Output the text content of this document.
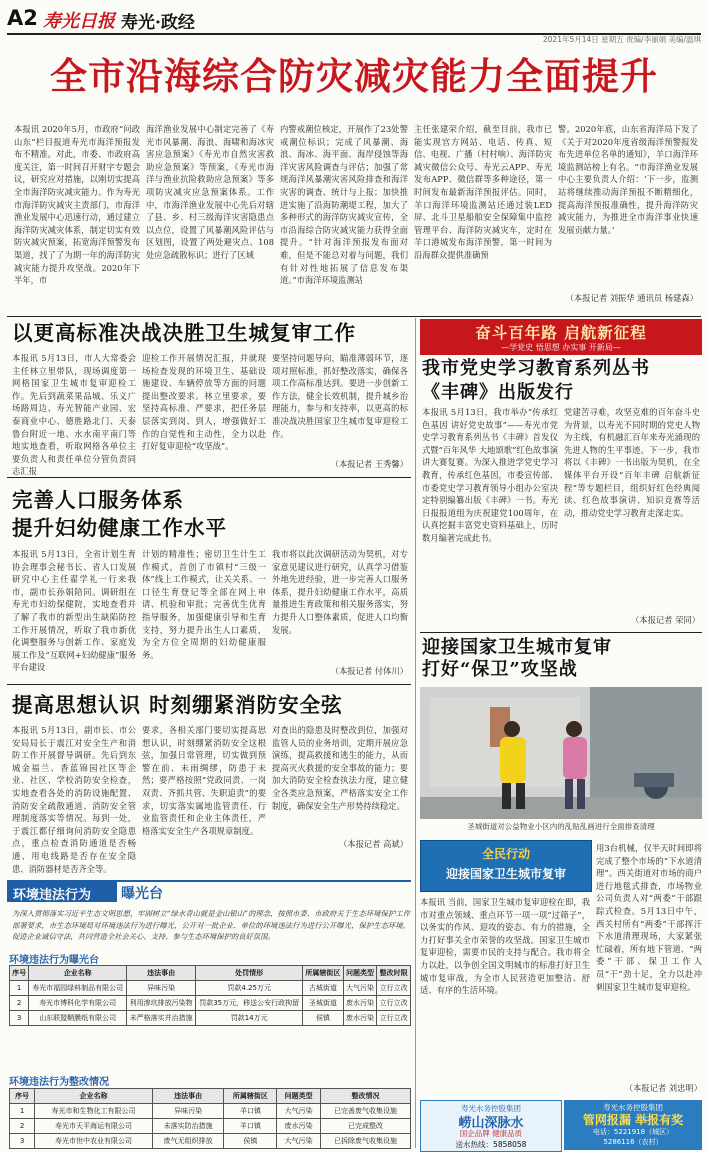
A2 寿光日报 寿光·政经
2021年5月14日 星期五 责编/李丽娟 美编/温琪
全市沿海综合防灾减灾能力全面提升
本报讯 2020年5月，市政府“问政山东”栏目报道寿光市海洋预报发布不精准。对此，市委、市政府高度关注，第一时间召开财字专题会议，研究应对措施，以刚切实提高全市海洋防灾减灾能力。作为寿光市海洋防灾减灾主责部门，市海洋渔业发展中心迅速行动，通过建立海洋防灾减灾体系，制定切实有效防灾减灾预案，拓宽海洋预警发布渠道，找了了为期一年的海洋防灾减灾能力提升攻坚战。2020年下半年，市
海洋渔业发展中心制定完善了《寿光市风暴潮、海浪、海啸和海冰灾害应急预案》《寿光市自然灾害救助应急预案》等预案，《寿光市海洋与渔业抗险救助应急预案》等多项防灾减灾应急预案体系。工作中，市海洋渔业发展中心先后对辖了县、乡、村三级海洋灾害隐患点以点位，设置了风暴潮风险评估与区划图，设置了两处避灾点、108处应急疏散标识；进行了区域
内警戒潮位核定，开展作了23处警戒潮位标识；完成了风暴潮、海浪、海冰、海平面、海岸侵蚀等海洋灾害风险调查与评估；加强了常规海洋风暴潮灾害风险排查和海洋灾害的调查、统计与上报；加快推进实施了沿海防潮堤工程，加大了多种形式的海洋防灾减灾宣传，全市沿海综合防灾减灾能力获得全面提升。“针对海洋预报发布面对难，但是不能总对着与问题，我们有针对性地拓展了信息发布渠道。”市海洋环境监测站
主任张建荣介绍，截至目前，我市已能实现官方网站、电话、传真、短信、电视、广播（村村响）、海洋防灾减灾微信公众号、寿光云APP、寿光发布APP、微信群等多种途径，第一时间发布最新海洋预报评估。同时，羊口海洋环境监测站还通过装LED屏、北斗卫星船舶安全保障集中监控管理平台、海洋防灾减灾车，定时在羊口港城发布海洋预警，第一时间为沿海群众提供准确预
警。2020年底，山东省海洋局下发了《关于对2020年度省级海洋预警报发布先进单位名单的通知》，羊口海洋环境监测站榜上有名。“市海洋渔业发展中心主要负责人介绍：‘下一步，监测站将继续推动海洋预报不断精细化，提高海洋预报准确性，提升海洋防灾减灾能力，为推进全市海洋事业快速发展贡献力量。’
（本报记者 刘振华 通讯员 杨建森）
以更高标准决战决胜卫生城复审工作
本报讯 5月13日，市人大常委会主任林立里带队，现场调度第一网格国家卫生城市复审迎检工作。先后到蔬菜果品城、乐义广场路周边、寿光智能产业园、宏泰商业中心、德胜路北门、天泰鲁台附近一地、水水南平南门等地实地查看，听取网格各单位主要负责人和责任单位分管负责同志汇报
迎检工作开展情况汇报，并就现场检查发现的环境卫生、基础设施建设、车辆停放等方面的问题提出整改要求。林立里要求，要坚持高标准、严要求，把任务层层落实到岗、到人，增强做好工作的自觉性和主动性，全力以赴打好复审迎检“攻坚战”。
要坚持问题导向，瞄准薄弱环节，逐项对照标准，抓好整改落实，确保各项工作高标准达到。要进一步创新工作方法，健全长效机制，提升城乡治理能力，参与和支持率，以更高的标准决战决胜国家卫生城市复审迎检工作。
（本报记者 王秀馨）
完善人口服务体系
提升妇幼健康工作水平
本报讯 5月13日，全省计划生育协会理事会秘书长、省人口发展研究中心主任翟学礼一行来我市，副市长孙娟陪同。调研组在寿光市妇幼保健院，实地查看并了解了我市的新型出生缺陷防控工作开展情况，听取了我市新优化调整服务与创新工作、家庭发展工作及“互联网+妇幼健康”服务平台建设
计划的精准性；密切卫生计生工作模式，首创了市镇村“三级一体”线上工作模式，让关关系、一口径生育登记等全部在网上申请、机验和审批；完善优生优育指导服务，加强健康引导和生育支持，努力提升出生人口素质，为全方位全周期的妇幼健康服务。
我市将以此次调研活动为契机，对专家意见建议进行研究，认真学习借鉴外地先进经验，进一步完善人口服务体系，提升妇幼健康工作水平，高质量推进生育政策和相关服务落实，努力提升人口整体素质，促进人口均衡发展。
（本报记者 付体川）
提高思想认识 时刻绷紧消防安全弦
本报讯 5月13日，副市长、市公安局局长于震江对安全生产和消防工作开展督导调研。先后到东城金福兰、香蓝锦园社区等企业、社区、学校消防安全检查，实地查看各处的消防设施配置、消防安全疏散通道、消防安全管理制度落实等情况。每到一处，于震江都仔细询问消防安全隐患点，重点检查消防通道是否畅通、用电线路是否存在安全隐患、消防器材是否齐全等。
要求，各相关部门要切实提高思想认识，时刻绷紧消防安全这根弦，加强日常管理，切实做到预警在前、未雨绸缪，防患于未然；要严格按照“党政同责、一岗双责、齐抓共管、失职追责”的要求，切实落实属地监管责任、行业监管责任和企业主体责任，严格落实安全生产各项规章制度。
对查出的隐患及时整改到位，加强对监管人员的业务培训，定期开展应急演练，提高救援和逃生的能力，从而提高灭火救援的安全事故的能力；要加大消防安全检查执法力度，建立健全各类应急预案，严格落实安全工作制度，确保安全生产形势持续稳定。
（本报记者 高斌）
环境违法行为 曝光台
为深入贯彻落实习近平生态文明思想，牢固树立“绿水青山就是金山银山”的理念，按照市委、市政府关于生态环境保护工作部署要求，市生态环境局对环境违法行为进行曝光，公开对一批企业、单位的环境违法行为进行公开曝光，保护生态环境，促进企业诚信守法，共同营造全社会关心、支持、参与生态环境保护的良好氛围。
环境违法行为曝光台
序号	企业名称	违法事由	处罚情形	所属辖街区	问题类型	整改时限
1	寿光市福园绿料制品有限公司	异味污染	罚款4.25万元	古城街道	大气污染	立行立改
2	寿光市博科化学有限公司	利用渗坑排放污染物	罚款35万元，移送公安行政拘留	圣城街道	废水污染	立行立改
3	山东联盟鞘膜纸有限公司	未严格落实并治措施	罚款14万元	侯镇	废水污染	立行立改
环境违法行为整改情况
序号	企业名称	违法事由	所属辖街区	问题类型	整改情况
1	寿光市和生物化工有限公司	异味污染	羊口镇	大气污染	已完善废气收集设施
2	寿光市天平海运有限公司	未落实防治措施	羊口镇	废水污染	已完成整改
3	寿光市世中农业有限公司	废气无组织排放	侯镇	大气污染	已拆除废气收集设施
奋斗百年路 启航新征程
—学党史 悟思想 办实事 开新局—
我市党史学习教育系列丛书
《丰碑》出版发行
本报讯 5月13日，我市举办“传承红色基因 讲好党史故事”——寿光市党史学习教育系列丛书《丰碑》首发仪式暨“百年风华 大地颂歌”红色故事演讲大赛复赛。为深入推进学党史学习教育，传承红色基因，市委宣传部、市委党史学习教育领导小组办公室决定特别编纂出版《丰碑》一书。寿光日报报道组为庆祝建党100周年，在认真挖掘丰富党史资料基础上，历时数月编著完成此书。
党建苦寻难，攻坚克难的百年奋斗史为背景，以寿光不同时期的党史人物为主线，有机融汇百年来寿光涌现的先进人物的生平事迹。下一步，我市将以《丰碑》一书出版为契机，在全媒体平台开设“百年丰碑 启航新征程”等专题栏目，组织好红色经典阅读、红色故事演讲、知识竞赛等活动，推动党史学习教育走深走实。
（本报记者 荣同）
迎接国家卫生城市复审
打好“保卫”攻坚战
圣城街道对公益物业小区内的乱贴乱画进行全面排查清理
全民行动
迎接国家卫生城市复审
本报讯 当前，国家卫生城市复审迎检在即，我市对重点领域、重点环节一项一项“过筛子”，以务实的作风、迎攻的姿态、有力的措施，全力打好事关全市荣誉的攻坚战。国家卫生城市复审迎检，需要市民的支持与配合。我市将全力以赴，以争创全国文明城市的标准打好卫生城市复审战，为全市人民营造更加整洁、舒适、有序的生活环境。
用3台机械，仅半天时间即将完成了整个市场的“下水道清理”。西关街道对市场的商户进行地毯式排查，市场物业公司负责人对“两委”干部跟踪式检查。5月13日中午，西关村所有“两委”干部挥汗下水道清理现场，大家紧张忙碌着，所有地下管道、“两委”干部、保卫工作人员“干”劲十足，全力以赴冲刺国家卫生城市复审迎检。
（本报记者 刘忠明）
寿光水务控股集团
崂山深脉水
国企品牌 健康品质
送水热线：5858058
寿光水务控股集团
管网报漏 举报有奖
电话：5221918（城区）
5286116（农村）
